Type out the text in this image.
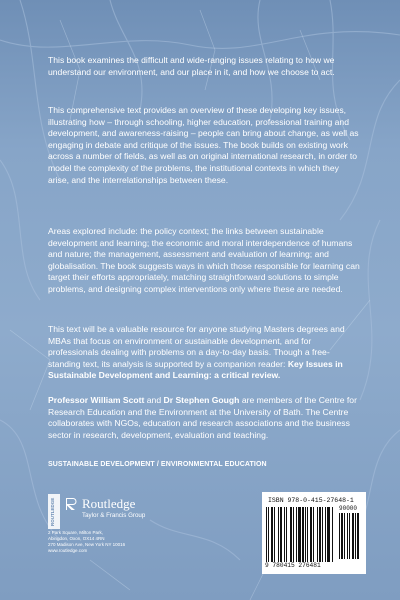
This book examines the difficult and wide-ranging issues relating to how we understand our environment, and our place in it, and how we choose to act.

This comprehensive text provides an overview of these developing key issues, illustrating how – through schooling, higher education, professional training and development, and awareness-raising – people can bring about change, as well as engaging in debate and critique of the issues. The book builds on existing work across a number of fields, as well as on original international research, in order to model the complexity of the problems, the institutional contexts in which they arise, and the interrelationships between these.

Areas explored include: the policy context; the links between sustainable development and learning; the economic and moral interdependence of humans and nature; the management, assessment and evaluation of learning; and globalisation. The book suggests ways in which those responsible for learning can target their efforts appropriately, matching straightforward solutions to simple problems, and designing complex interventions only where these are needed.

This text will be a valuable resource for anyone studying Masters degrees and MBAs that focus on environment or sustainable development, and for professionals dealing with problems on a day-to-day basis. Though a free-standing text, its analysis is supported by a companion reader: Key Issues in Sustainable Development and Learning: a critical review.

Professor William Scott and Dr Stephen Gough are members of the Centre for Research Education and the Environment at the University of Bath. The Centre collaborates with NGOs, education and research associations and the business sector in research, development, evaluation and teaching.

SUSTAINABLE DEVELOPMENT / ENVIRONMENTAL EDUCATION
ROUTLEDGE Routledge
Taylor & Francis Group
2 Park Square, Milton Park,
Abingdon, Oxon, OX14 4RN
270 Madison Ave, New York NY 10016
www.routledge.com
ISBN 978-0-415-27648-1
9 780415 276481
90000
